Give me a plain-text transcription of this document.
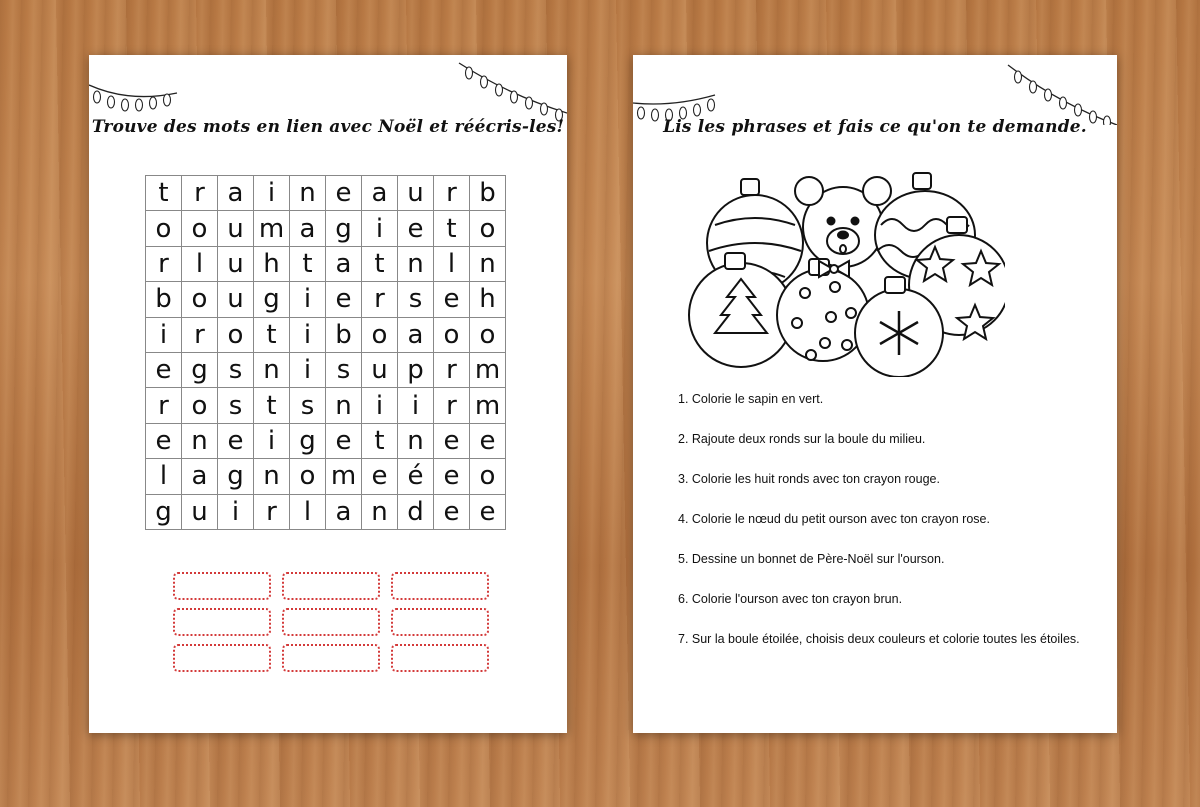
Trouve des mots en lien avec Noël et réécris-les!
t r a i n e a u r b
o o u m a g i e t o
r	l u h t a t n l n
b o u g i e r s e h
i	r o t	i b o a o o
e g s n i s u p r m
r o s t s n i	i	r m
e n e i g e t n e e
l a g n o m e é e o
g u i	r	l a n d e e
Lis les phrases et fais ce qu'on te demande.
1. Colorie le sapin en vert.
2. Rajoute deux ronds sur la boule du milieu.
3. Colorie les huit ronds avec ton crayon rouge.
4. Colorie le nœud du petit ourson avec ton crayon rose.
5. Dessine un bonnet de Père-Noël sur l'ourson.
6. Colorie l'ourson avec ton crayon brun.
7. Sur la boule étoilée, choisis deux couleurs et colorie toutes les étoiles.
